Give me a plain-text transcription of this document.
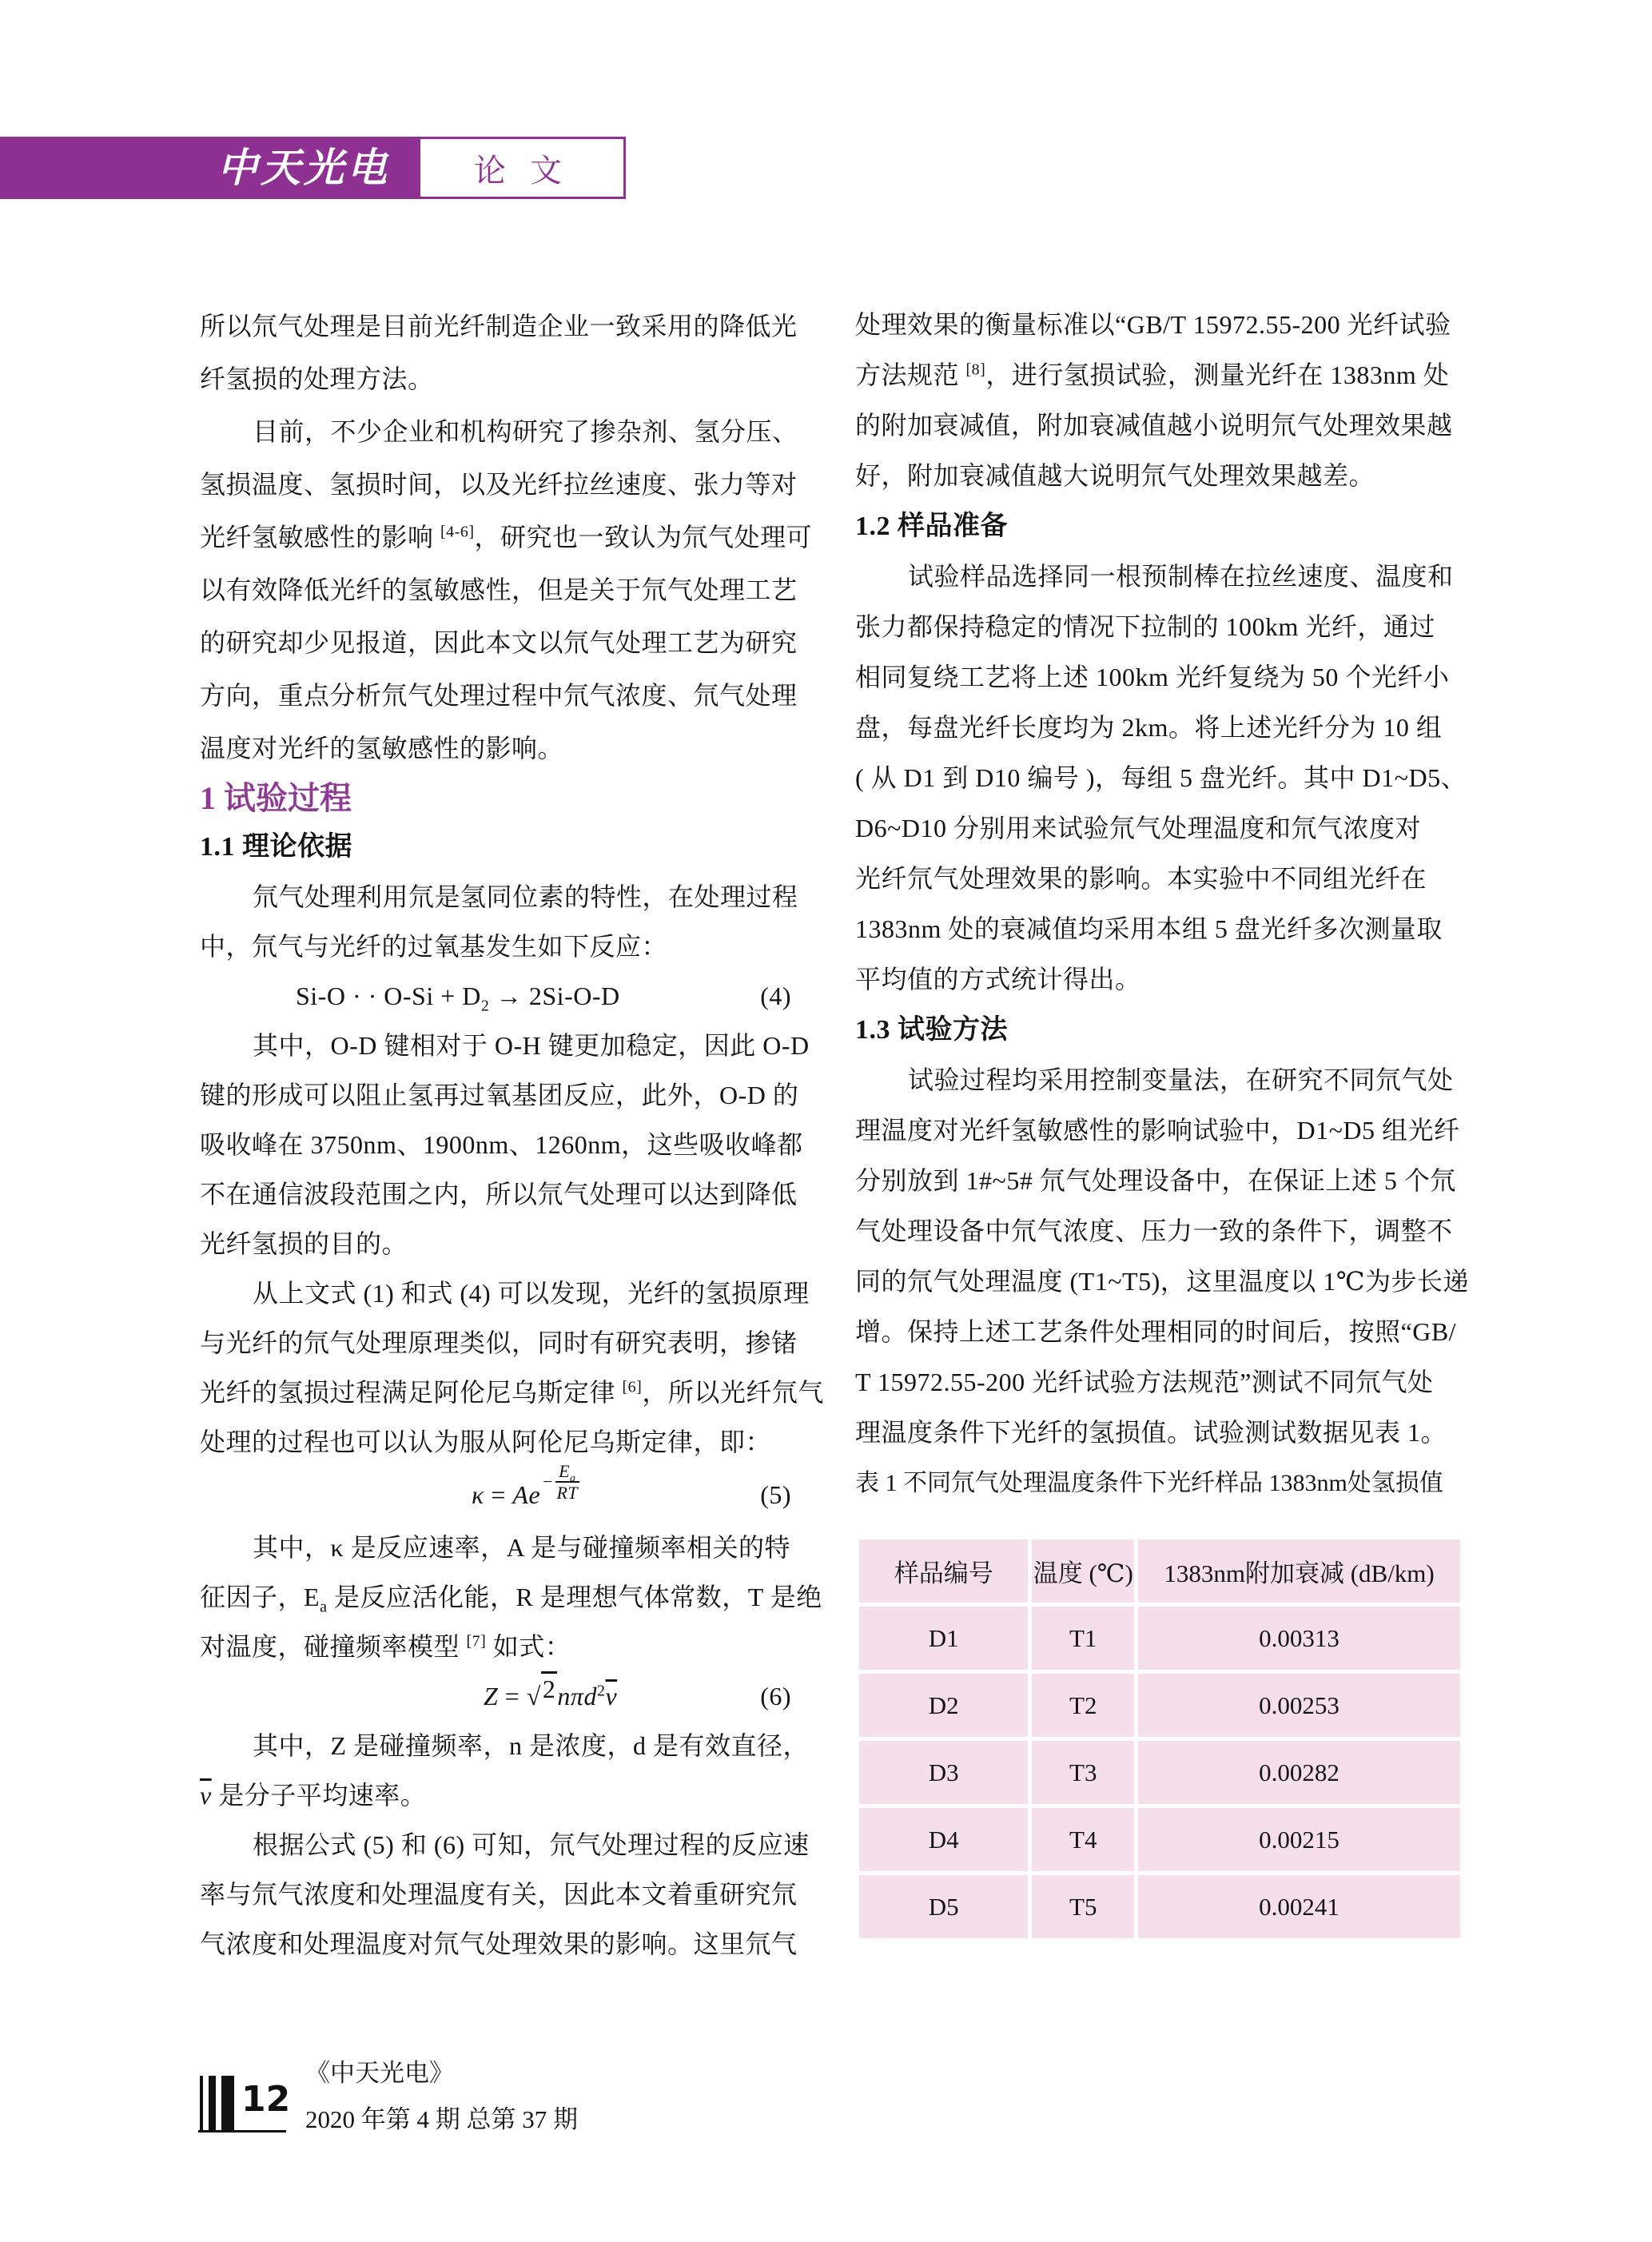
中天光电	论 文
所以氘气处理是目前光纤制造企业一致采用的降低光
纤氢损的处理方法。
目前，不少企业和机构研究了掺杂剂、氢分压、
氢损温度、氢损时间，以及光纤拉丝速度、张力等对
光纤氢敏感性的影响 [4-6]，研究也一致认为氘气处理可
以有效降低光纤的氢敏感性，但是关于氘气处理工艺
的研究却少见报道，因此本文以氘气处理工艺为研究
方向，重点分析氘气处理过程中氘气浓度、氘气处理
温度对光纤的氢敏感性的影响。
1 试验过程
1.1 理论依据
氘气处理利用氘是氢同位素的特性，在处理过程
中，氘气与光纤的过氧基发生如下反应：
Si-O · · $O-Si + D_2 \to 2Si-O-D$	(4)
其中，O-D 键相对于 O-H 键更加稳定，因此 O-D
键的形成可以阻止氢再过氧基团反应，此外，O-D 的
吸收峰在 3750nm、1900nm、1260nm，这些吸收峰都
不在通信波段范围之内，所以氘气处理可以达到降低
光纤氢损的目的。
从上文式 (1) 和式 (4) 可以发现，光纤的氢损原理
与光纤的氘气处理原理类似，同时有研究表明，掺锗
光纤的氢损过程满足阿伦尼乌斯定律 [6]，所以光纤氘气
处理的过程也可以认为服从阿伦尼乌斯定律，即：
$\kappa = Ae - \frac{E_a}{RT}$	(5)
其中，κ 是反应速率，A 是与碰撞频率相关的特
征因子，$E_a$ 是反应活化能，R 是理想气体常数，T 是绝
对温度，碰撞频率模型 [7] 如式：
Z = √ 2 $n\pi d^2\overline{v}$	(6)
其中，Z 是碰撞频率，n 是浓度，d 是有效直径，
$\overline{v}$ 是分子平均速率。
根据公式 (5) 和 (6) 可知，氘气处理过程的反应速
率与氘气浓度和处理温度有关，因此本文着重研究氘
气浓度和处理温度对氘气处理效果的影响。这里氘气
处理效果的衡量标准以“GB/T 15972.55-200 光纤试验
方法规范 [8]，进行氢损试验，测量光纤在 1383nm 处
的附加衰减值，附加衰减值越小说明氘气处理效果越
好，附加衰减值越大说明氘气处理效果越差。
1.2 样品准备
试验样品选择同一根预制棒在拉丝速度、温度和
张力都保持稳定的情况下拉制的 100km 光纤，通过
相同复绕工艺将上述 100km 光纤复绕为 50 个光纤小
盘，每盘光纤长度均为 2km。将上述光纤分为 10 组
( 从 D1 到 D10 编号 )，每组 5 盘光纤。其中 D1~D5、
D6~D10 分别用来试验氘气处理温度和氘气浓度对
光纤氘气处理效果的影响。本实验中不同组光纤在
1383nm 处的衰减值均采用本组 5 盘光纤多次测量取
平均值的方式统计得出。
1.3 试验方法
试验过程均采用控制变量法，在研究不同氘气处
理温度对光纤氢敏感性的影响试验中，D1~D5 组光纤
分别放到 1#~5# 氘气处理设备中，在保证上述 5 个氘
气处理设备中氘气浓度、压力一致的条件下，调整不
同的氘气处理温度 (T1~T5)，这里温度以 1℃为步长递
增。保持上述工艺条件处理相同的时间后，按照“GB/
T 15972.55-200 光纤试验方法规范”测试不同氘气处
理温度条件下光纤的氢损值。试验测试数据见表 1。
表 1 不同氘气处理温度条件下光纤样品 1383nm处氢损值
样品编号	温度 (℃)	1383nm附加衰减 (dB/km)
D1	T1	0.00313
D2	T2	0.00253
D3	T3	0.00282
D4	T4	0.00215
D5	T5	0.00241
12
《中天光电》
2020 年第 4 期 总第 37 期
